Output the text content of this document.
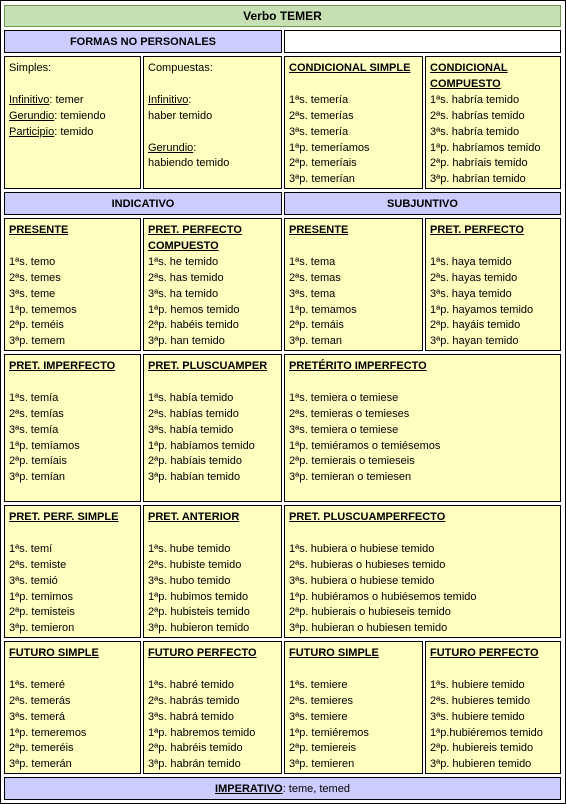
Verbo TEMER
FORMAS NO PERSONALES
Simples:
Infinitivo: temer
Gerundio: temiendo
Participio: temido
Compuestas:
Infinitivo:
haber temido
Gerundio:
habiendo temido
CONDICIONAL SIMPLE
1ªs. temería
2ªs. temerías
3ªs. temería
1ªp. temeríamos
2ªp. temeríais
3ªp. temerían
CONDICIONAL
COMPUESTO
1ªs. habría temido
2ªs. habrías temido
3ªs. habría temido
1ªp. habríamos temido
2ªp. habríais temido
3ªp. habrían temido
INDICATIVO	SUBJUNTIVO
PRESENTE
1ªs. temo
2ªs. temes
3ªs. teme
1ªp. tememos
2ªp. teméis
3ªp. temem
PRET. PERFECTO
COMPUESTO
1ªs. he temido
2ªs. has temido
3ªs. ha temido
1ªp. hemos temido
2ªp. habéis temido
3ªp. han temido
PRESENTE
1ªs. tema
2ªs. temas
3ªs. tema
1ªp. temamos
2ªp. temáis
3ªp. teman
PRET. PERFECTO
1ªs. haya temido
2ªs. hayas temido
3ªs. haya temido
1ªp. hayamos temido
2ªp. hayáis temido
3ªp. hayan temido
PRET. IMPERFECTO
1ªs. temía
2ªs. temías
3ªs. temía
1ªp. temíamos
2ªp. temíais
3ªp. temían
PRET. PLUSCUAMPER
1ªs. había temido
2ªs. habías temido
3ªs. había temido
1ªp. habíamos temido
2ªp. habíais temido
3ªp. habían temido
PRETÉRITO IMPERFECTO
1ªs. temiera o temiese
2ªs. temieras o temieses
3ªs. temiera o temiese
1ªp. temiéramos o temiésemos
2ªp. temierais o temieseis
3ªp. temieran o temiesen
PRET. PERF. SIMPLE
1ªs. temí
2ªs. temiste
3ªs. temió
1ªp. temimos
2ªp. temisteis
3ªp. temieron
PRET. ANTERIOR
1ªs. hube temido
2ªs. hubiste temido
3ªs. hubo temido
1ªp. hubimos temido
2ªp. hubisteis temido
3ªp. hubieron temido
PRET. PLUSCUAMPERFECTO
1ªs. hubiera o hubiese temido
2ªs. hubieras o hubieses temido
3ªs. hubiera o hubiese temido
1ªp. hubiéramos o hubiésemos temido
2ªp. hubierais o hubieseis temido
3ªp. hubieran o hubiesen temido
FUTURO SIMPLE
1ªs. temeré
2ªs. temerás
3ªs. temerá
1ªp. temeremos
2ªp. temeréis
3ªp. temerán
FUTURO PERFECTO
1ªs. habré temido
2ªs. habrás temido
3ªs. habrá temido
1ªp. habremos temido
2ªp. habréis temido
3ªp. habrán temido
FUTURO SIMPLE
1ªs. temiere
2ªs. temieres
3ªs. temiere
1ªp. temiéremos
2ªp. temiereis
3ªp. temieren
FUTURO PERFECTO
1ªs. hubiere temido
2ªs. hubieres temido
3ªs. hubiere temido
1ªp.hubiéremos temido
2ªp. hubiereis temido
3ªp. hubieren temido
IMPERATIVO : teme, temed
